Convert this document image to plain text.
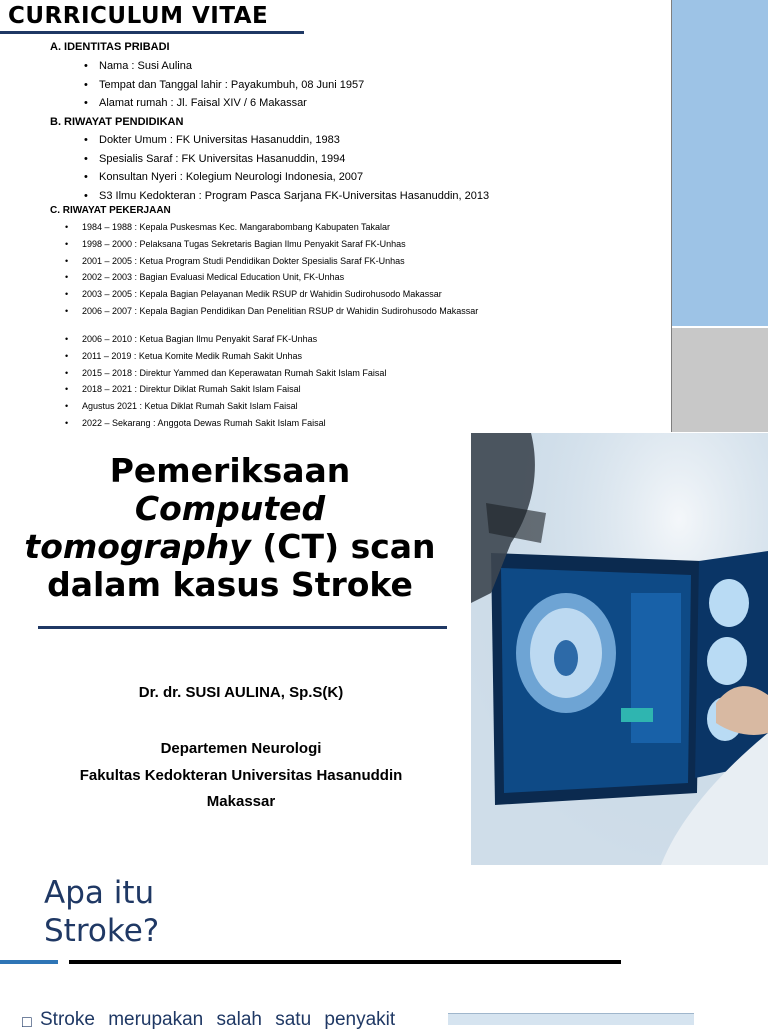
CURRICULUM VITAE
A. IDENTITAS PRIBADI
• Nama : Susi Aulina
• Tempat dan Tanggal lahir : Payakumbuh, 08 Juni 1957
• Alamat rumah : Jl. Faisal XIV / 6 Makassar
B. RIWAYAT PENDIDIKAN
• Dokter Umum : FK Universitas Hasanuddin, 1983
• Spesialis Saraf : FK Universitas Hasanuddin, 1994
• Konsultan Nyeri : Kolegium Neurologi Indonesia, 2007
• S3 Ilmu Kedokteran : Program Pasca Sarjana FK-Universitas Hasanuddin, 2013
C. RIWAYAT PEKERJAAN
• 1984 – 1988 : Kepala Puskesmas Kec. Mangarabombang Kabupaten Takalar
• 1998 – 2000 : Pelaksana Tugas Sekretaris Bagian Ilmu Penyakit Saraf FK-Unhas
• 2001 – 2005 : Ketua Program Studi Pendidikan Dokter Spesialis Saraf FK-Unhas
• 2002 – 2003 : Bagian Evaluasi Medical Education Unit, FK-Unhas
• 2003 – 2005 : Kepala Bagian Pelayanan Medik RSUP dr Wahidin Sudirohusodo Makassar
• 2006 – 2007 : Kepala Bagian Pendidikan Dan Penelitian RSUP dr Wahidin Sudirohusodo Makassar
• 2006 – 2010 : Ketua Bagian Ilmu Penyakit Saraf FK-Unhas
• 2011 – 2019 : Ketua Komite Medik Rumah Sakit Unhas
• 2015 – 2018 : Direktur Yammed dan Keperawatan Rumah Sakit Islam Faisal
• 2018 – 2021 : Direktur Diklat Rumah Sakit Islam Faisal
• Agustus 2021 : Ketua Diklat Rumah Sakit Islam Faisal
• 2022 – Sekarang : Anggota Dewas Rumah Sakit Islam Faisal
Pemeriksaan
Computed
tomography (CT) scan
dalam kasus Stroke
Dr. dr. SUSI AULINA, Sp.S(K)
Departemen Neurologi
Fakultas Kedokteran Universitas Hasanuddin
Makassar
Apa itu
Stroke?
□ Stroke merupakan salah satu penyakit
